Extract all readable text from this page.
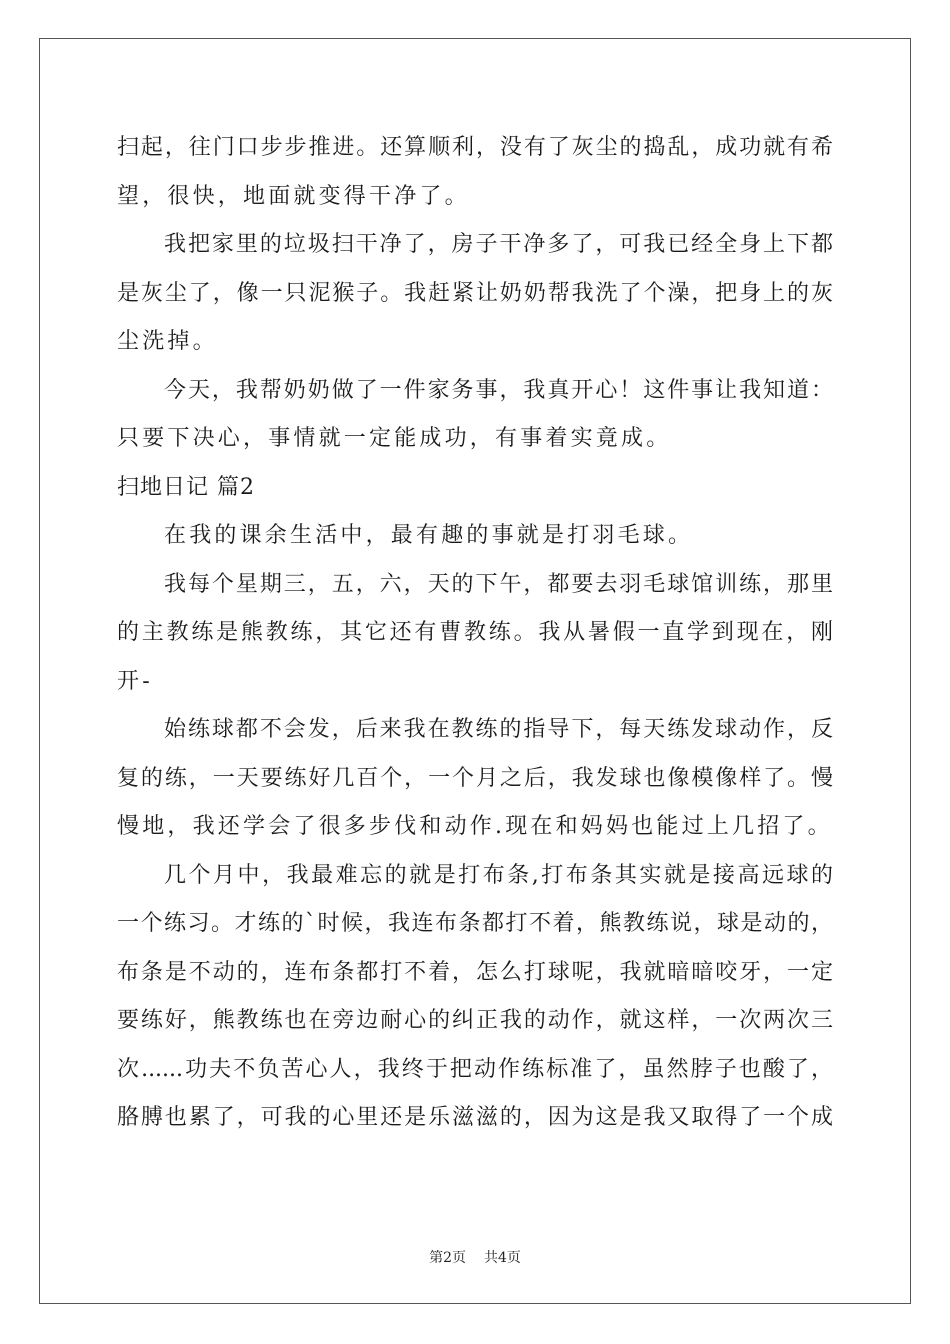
扫起，往门口步步推进。还算顺利，没有了灰尘的捣乱，成功就有希
望，很快，地面就变得干净了。
我把家里的垃圾扫干净了，房子干净多了，可我已经全身上下都
是灰尘了，像一只泥猴子。我赶紧让奶奶帮我洗了个澡，把身上的灰
尘洗掉。
今天，我帮奶奶做了一件家务事，我真开心！这件事让我知道：
只要下决心，事情就一定能成功，有事着实竟成。
扫地日记 篇2
在我的课余生活中，最有趣的事就是打羽毛球。
我每个星期三，五，六，天的下午，都要去羽毛球馆训练，那里
的主教练是熊教练，其它还有曹教练。我从暑假一直学到现在，刚
开-
始练球都不会发，后来我在教练的指导下，每天练发球动作，反
复的练，一天要练好几百个，一个月之后，我发球也像模像样了。慢
慢地，我还学会了很多步伐和动作.现在和妈妈也能过上几招了。
几个月中，我最难忘的就是打布条,打布条其实就是接高远球的
一个练习。才练的`时候，我连布条都打不着，熊教练说，球是动的，
布条是不动的，连布条都打不着，怎么打球呢，我就暗暗咬牙，一定
要练好，熊教练也在旁边耐心的纠正我的动作，就这样，一次两次三
次......功夫不负苦心人，我终于把动作练标准了，虽然脖子也酸了，
胳膊也累了，可我的心里还是乐滋滋的，因为这是我又取得了一个成
第2页 共4页
